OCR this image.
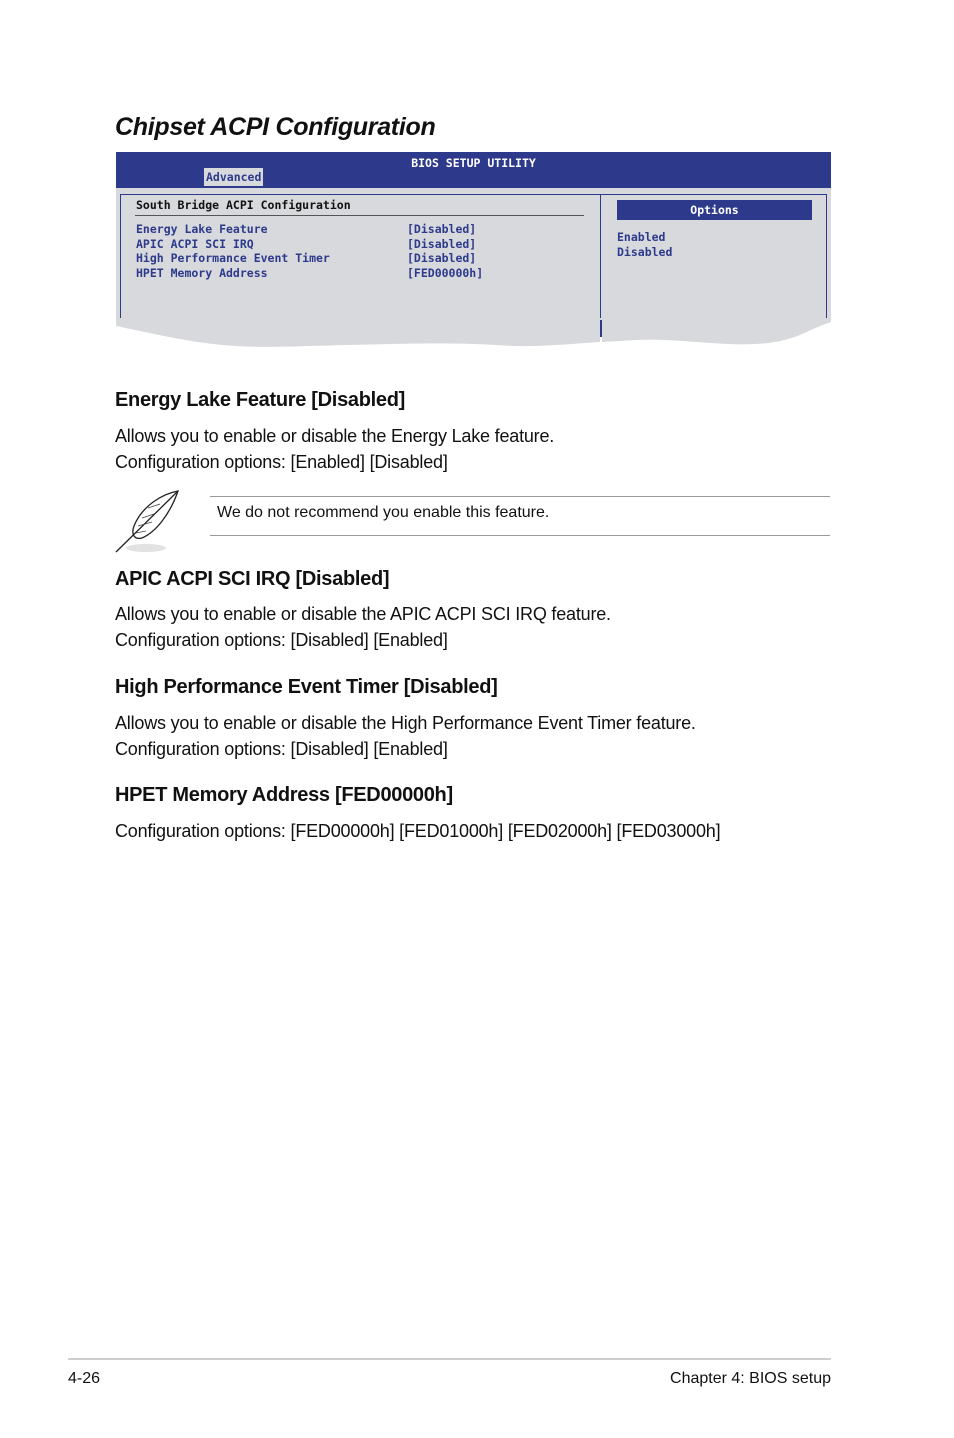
Chipset ACPI Configuration
BIOS SETUP UTILITY
Advanced
South Bridge ACPI Configuration
Energy Lake Feature	[Disabled]
APIC ACPI SCI IRQ	[Disabled]
High Performance Event Timer	[Disabled]
HPET Memory Address	[FED00000h]
Options
Enabled
Disabled
Energy Lake Feature [Disabled]
Allows you to enable or disable the Energy Lake feature.
Configuration options: [Enabled] [Disabled]
We do not recommend you enable this feature.
APIC ACPI SCI IRQ [Disabled]
Allows you to enable or disable the APIC ACPI SCI IRQ feature.
Configuration options: [Disabled] [Enabled]
High Performance Event Timer [Disabled]
Allows you to enable or disable the High Performance Event Timer feature.
Configuration options: [Disabled] [Enabled]
HPET Memory Address [FED00000h]
Configuration options: [FED00000h] [FED01000h] [FED02000h] [FED03000h]
4-26	Chapter 4: BIOS setup
